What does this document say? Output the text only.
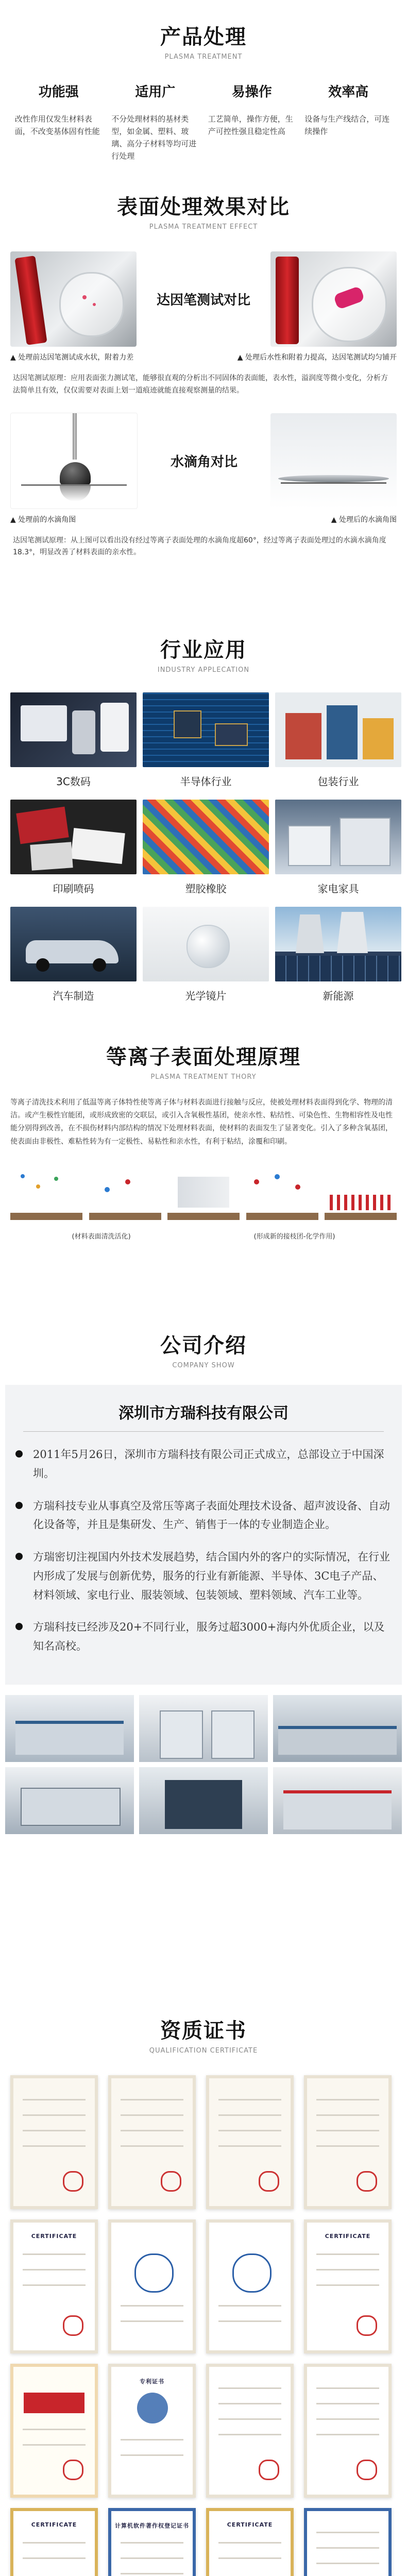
产品处理
PLASMA TREATMENT
功能强

改性作用仅发生材料表面，不改变基体固有性能

适用广

不分处理材料的基材类型，如金属、塑料、玻璃、高分子材料等均可进行处理

易操作

工艺简单，操作方便，生产可控性强且稳定性高

效率高

设备与生产线结合，可连续操作

表面处理效果对比
PLASMA TREATMENT EFFECT
达因笔测试对比
▲ 处理前达因笔测试成水状，附着力差	▲ 处理后水性和附着力提高，达因笔测试均匀铺开
达因笔测试原理：应用表面张力测试笔，能够很直观的分析出不同固体的表面能，表水性，溢润度等微小变化，分析方法简单且有效，仅仅需要对表面上划一道痕迹就能直接观察测量的结果。
水滴角对比
▲ 处理前的水滴角图	▲ 处理后的水滴角图
达因笔测试原理：从上图可以看出没有经过等离子表面处理的水滴角度超60°，经过等离子表面处理过的水滴水滴角度18.3°，明显改善了材料表面的亲水性。
行业应用
INDUSTRY APPLECATION
3C数码	半导体行业	包装行业
印刷喷码	塑胶橡胶	家电家具
汽车制造	光学镜片	新能源
等离子表面处理原理
PLASMA TREATMENT THORY
等离子清洗技术利用了低温等离子体特性使等离子体与材料表面进行接触与反应，使被处理材料表面得到化学、物理的清洁。或产生极性官能团，或形成致密的交联层，或引入含氧极性基团，使亲水性、粘结性、可染色性、生物相容性及电性能分别得到改善，在不损伤材料内部结构的情况下处理材料表面，使材料的表面发生了显著变化。引入了多种含氧基团，使表面由非极性、难粘性转为有一定极性、易粘性和亲水性，有利于粘结，涂覆和印刷。
(材料表面清洗活化)	(形成新的接枝团-化学作用)
公司介绍
COMPANY SHOW
深圳市方瑞科技有限公司
2011年5月26日，深圳市方瑞科技有限公司正式成立，总部设立于中国深圳。
方瑞科技专业从事真空及常压等离子表面处理技术设备、超声波设备、自动化设备等，并且是集研发、生产、销售于一体的专业制造企业。
方瑞密切注视国内外技术发展趋势，结合国内外的客户的实际情况，在行业内形成了发展与创新优势，服务的行业有新能源、半导体、3C电子产品、材料领域、家电行业、服装领域、包装领域、塑料领域、汽车工业等。
方瑞科技已经涉及20+不同行业，服务过超3000+海内外优质企业，以及知名高校。
资质证书
QUALIFICATION CERTIFICATE
CERTIFICATE	CERTIFICATE
专利证书
CERTIFICATE	计算机软件著作权登记证书	CERTIFICATE
